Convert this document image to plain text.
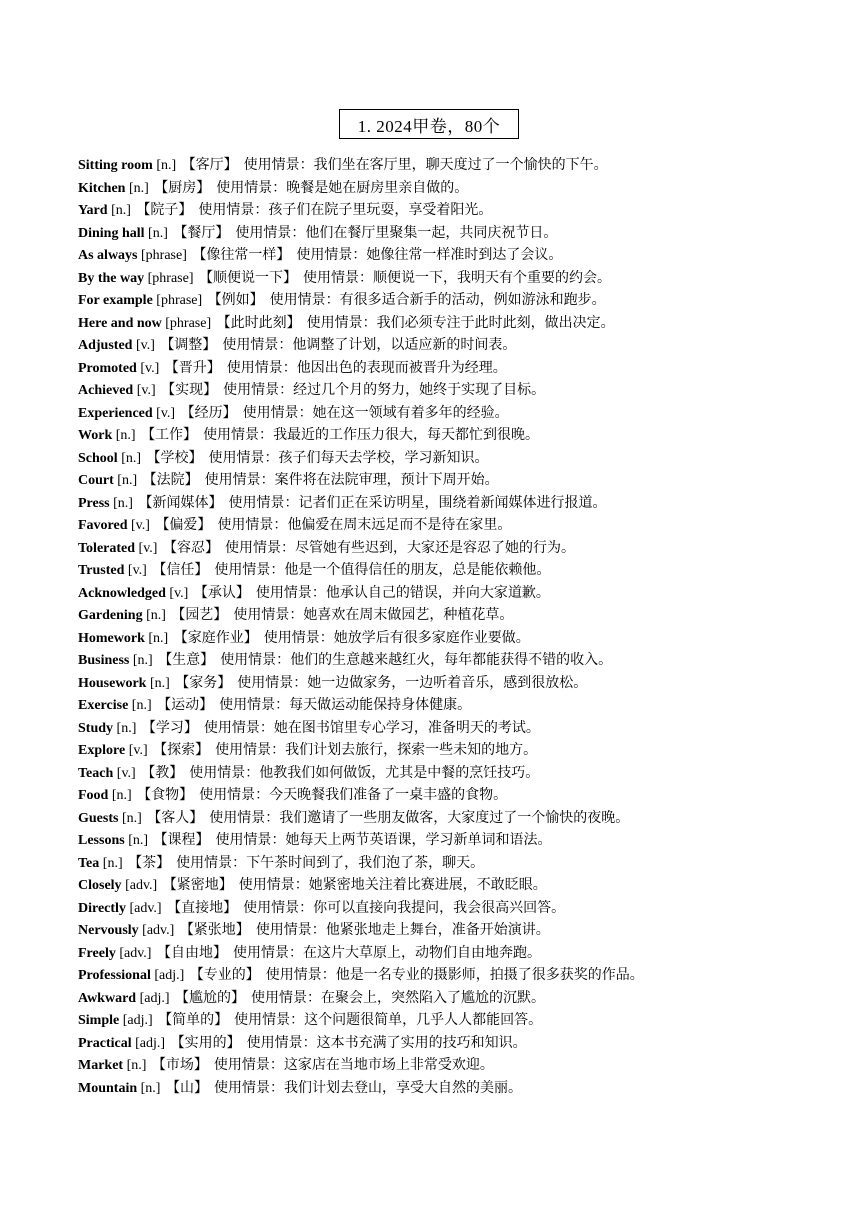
1. 2024甲卷，80个
Sitting room [n.] 【客厅】 使用情景：我们坐在客厅里，聊天度过了一个愉快的下午。
Kitchen [n.] 【厨房】 使用情景：晚餐是她在厨房里亲自做的。
Yard [n.] 【院子】 使用情景：孩子们在院子里玩耍，享受着阳光。
Dining hall [n.] 【餐厅】 使用情景：他们在餐厅里聚集一起，共同庆祝节日。
As always [phrase] 【像往常一样】 使用情景：她像往常一样准时到达了会议。
By the way [phrase] 【顺便说一下】 使用情景：顺便说一下，我明天有个重要的约会。
For example [phrase] 【例如】 使用情景：有很多适合新手的活动，例如游泳和跑步。
Here and now [phrase] 【此时此刻】 使用情景：我们必须专注于此时此刻，做出决定。
Adjusted [v.] 【调整】 使用情景：他调整了计划，以适应新的时间表。
Promoted [v.] 【晋升】 使用情景：他因出色的表现而被晋升为经理。
Achieved [v.] 【实现】 使用情景：经过几个月的努力，她终于实现了目标。
Experienced [v.] 【经历】 使用情景：她在这一领域有着多年的经验。
Work [n.] 【工作】 使用情景：我最近的工作压力很大，每天都忙到很晚。
School [n.] 【学校】 使用情景：孩子们每天去学校，学习新知识。
Court [n.] 【法院】 使用情景：案件将在法院审理，预计下周开始。
Press [n.] 【新闻媒体】 使用情景：记者们正在采访明星，围绕着新闻媒体进行报道。
Favored [v.] 【偏爱】 使用情景：他偏爱在周末远足而不是待在家里。
Tolerated [v.] 【容忍】 使用情景：尽管她有些迟到，大家还是容忍了她的行为。
Trusted [v.] 【信任】 使用情景：他是一个值得信任的朋友，总是能依赖他。
Acknowledged [v.] 【承认】 使用情景：他承认自己的错误，并向大家道歉。
Gardening [n.] 【园艺】 使用情景：她喜欢在周末做园艺，种植花草。
Homework [n.] 【家庭作业】 使用情景：她放学后有很多家庭作业要做。
Business [n.] 【生意】 使用情景：他们的生意越来越红火，每年都能获得不错的收入。
Housework [n.] 【家务】 使用情景：她一边做家务，一边听着音乐，感到很放松。
Exercise [n.] 【运动】 使用情景：每天做运动能保持身体健康。
Study [n.] 【学习】 使用情景：她在图书馆里专心学习，准备明天的考试。
Explore [v.] 【探索】 使用情景：我们计划去旅行，探索一些未知的地方。
Teach [v.] 【教】 使用情景：他教我们如何做饭，尤其是中餐的烹饪技巧。
Food [n.] 【食物】 使用情景：今天晚餐我们准备了一桌丰盛的食物。
Guests [n.] 【客人】 使用情景：我们邀请了一些朋友做客，大家度过了一个愉快的夜晚。
Lessons [n.] 【课程】 使用情景：她每天上两节英语课，学习新单词和语法。
Tea [n.] 【茶】 使用情景：下午茶时间到了，我们泡了茶，聊天。
Closely [adv.] 【紧密地】 使用情景：她紧密地关注着比赛进展，不敢眨眼。
Directly [adv.] 【直接地】 使用情景：你可以直接向我提问，我会很高兴回答。
Nervously [adv.] 【紧张地】 使用情景：他紧张地走上舞台，准备开始演讲。
Freely [adv.] 【自由地】 使用情景：在这片大草原上，动物们自由地奔跑。
Professional [adj.] 【专业的】 使用情景：他是一名专业的摄影师，拍摄了很多获奖的作品。
Awkward [adj.] 【尴尬的】 使用情景：在聚会上，突然陷入了尴尬的沉默。
Simple [adj.] 【简单的】 使用情景：这个问题很简单，几乎人人都能回答。
Practical [adj.] 【实用的】 使用情景：这本书充满了实用的技巧和知识。
Market [n.] 【市场】 使用情景：这家店在当地市场上非常受欢迎。
Mountain [n.] 【山】 使用情景：我们计划去登山，享受大自然的美丽。
